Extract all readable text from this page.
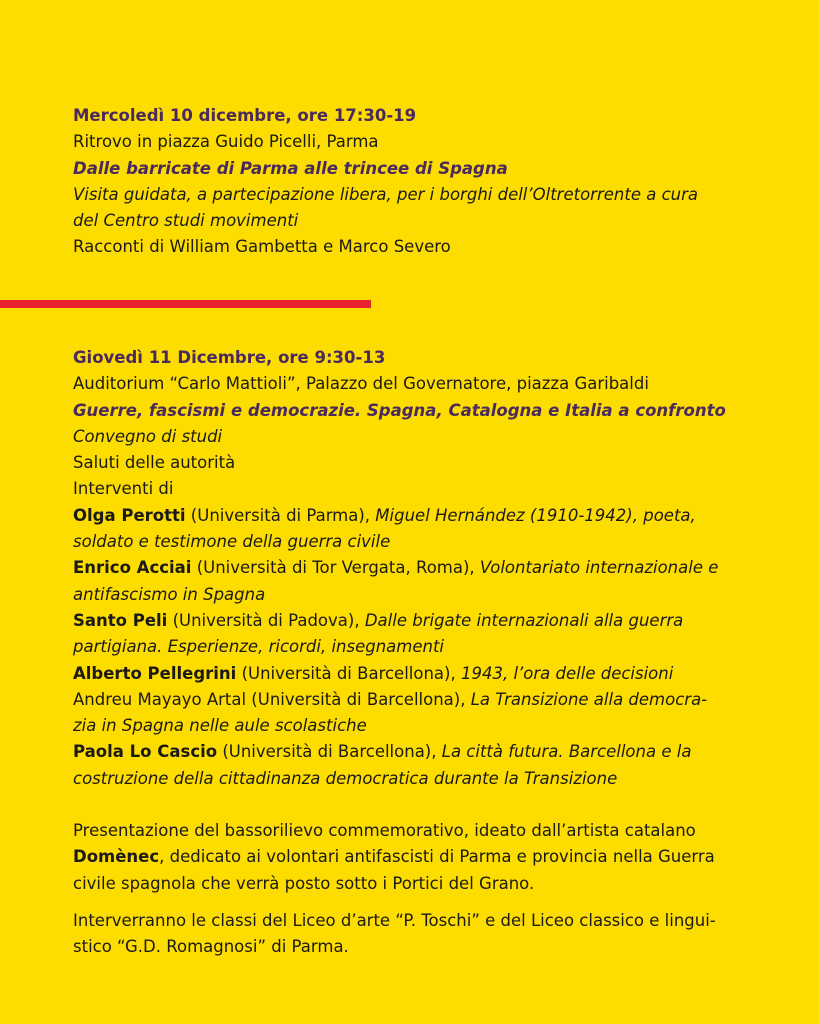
Mercoledì 10 dicembre, ore 17:30-19
Ritrovo in piazza Guido Picelli, Parma
Dalle barricate di Parma alle trincee di Spagna
Visita guidata, a partecipazione libera, per i borghi dell’Oltretorrente a cura
del Centro studi movimenti
Racconti di William Gambetta e Marco Severo
Giovedì 11 Dicembre, ore 9:30-13
Auditorium “Carlo Mattioli”, Palazzo del Governatore, piazza Garibaldi
Guerre, fascismi e democrazie. Spagna, Catalogna e Italia a confronto
Convegno di studi
Saluti delle autorità
Interventi di
Olga Perotti (Università di Parma), Miguel Hernández (1910-1942), poeta,
soldato e testimone della guerra civile
Enrico Acciai (Università di Tor Vergata, Roma), Volontariato internazionale e
antifascismo in Spagna
Santo Peli (Università di Padova), Dalle brigate internazionali alla guerra
partigiana. Esperienze, ricordi, insegnamenti
Alberto Pellegrini (Università di Barcellona), 1943, l’ora delle decisioni
Andreu Mayayo Artal (Università di Barcellona), La Transizione alla democra-
zia in Spagna nelle aule scolastiche
Paola Lo Cascio (Università di Barcellona), La città futura. Barcellona e la
costruzione della cittadinanza democratica durante la Transizione
Presentazione del bassorilievo commemorativo, ideato dall’artista catalano
Domènec, dedicato ai volontari antifascisti di Parma e provincia nella Guerra
civile spagnola che verrà posto sotto i Portici del Grano.
Interverranno le classi del Liceo d’arte “P. Toschi” e del Liceo classico e lingui-
stico “G.D. Romagnosi” di Parma.
